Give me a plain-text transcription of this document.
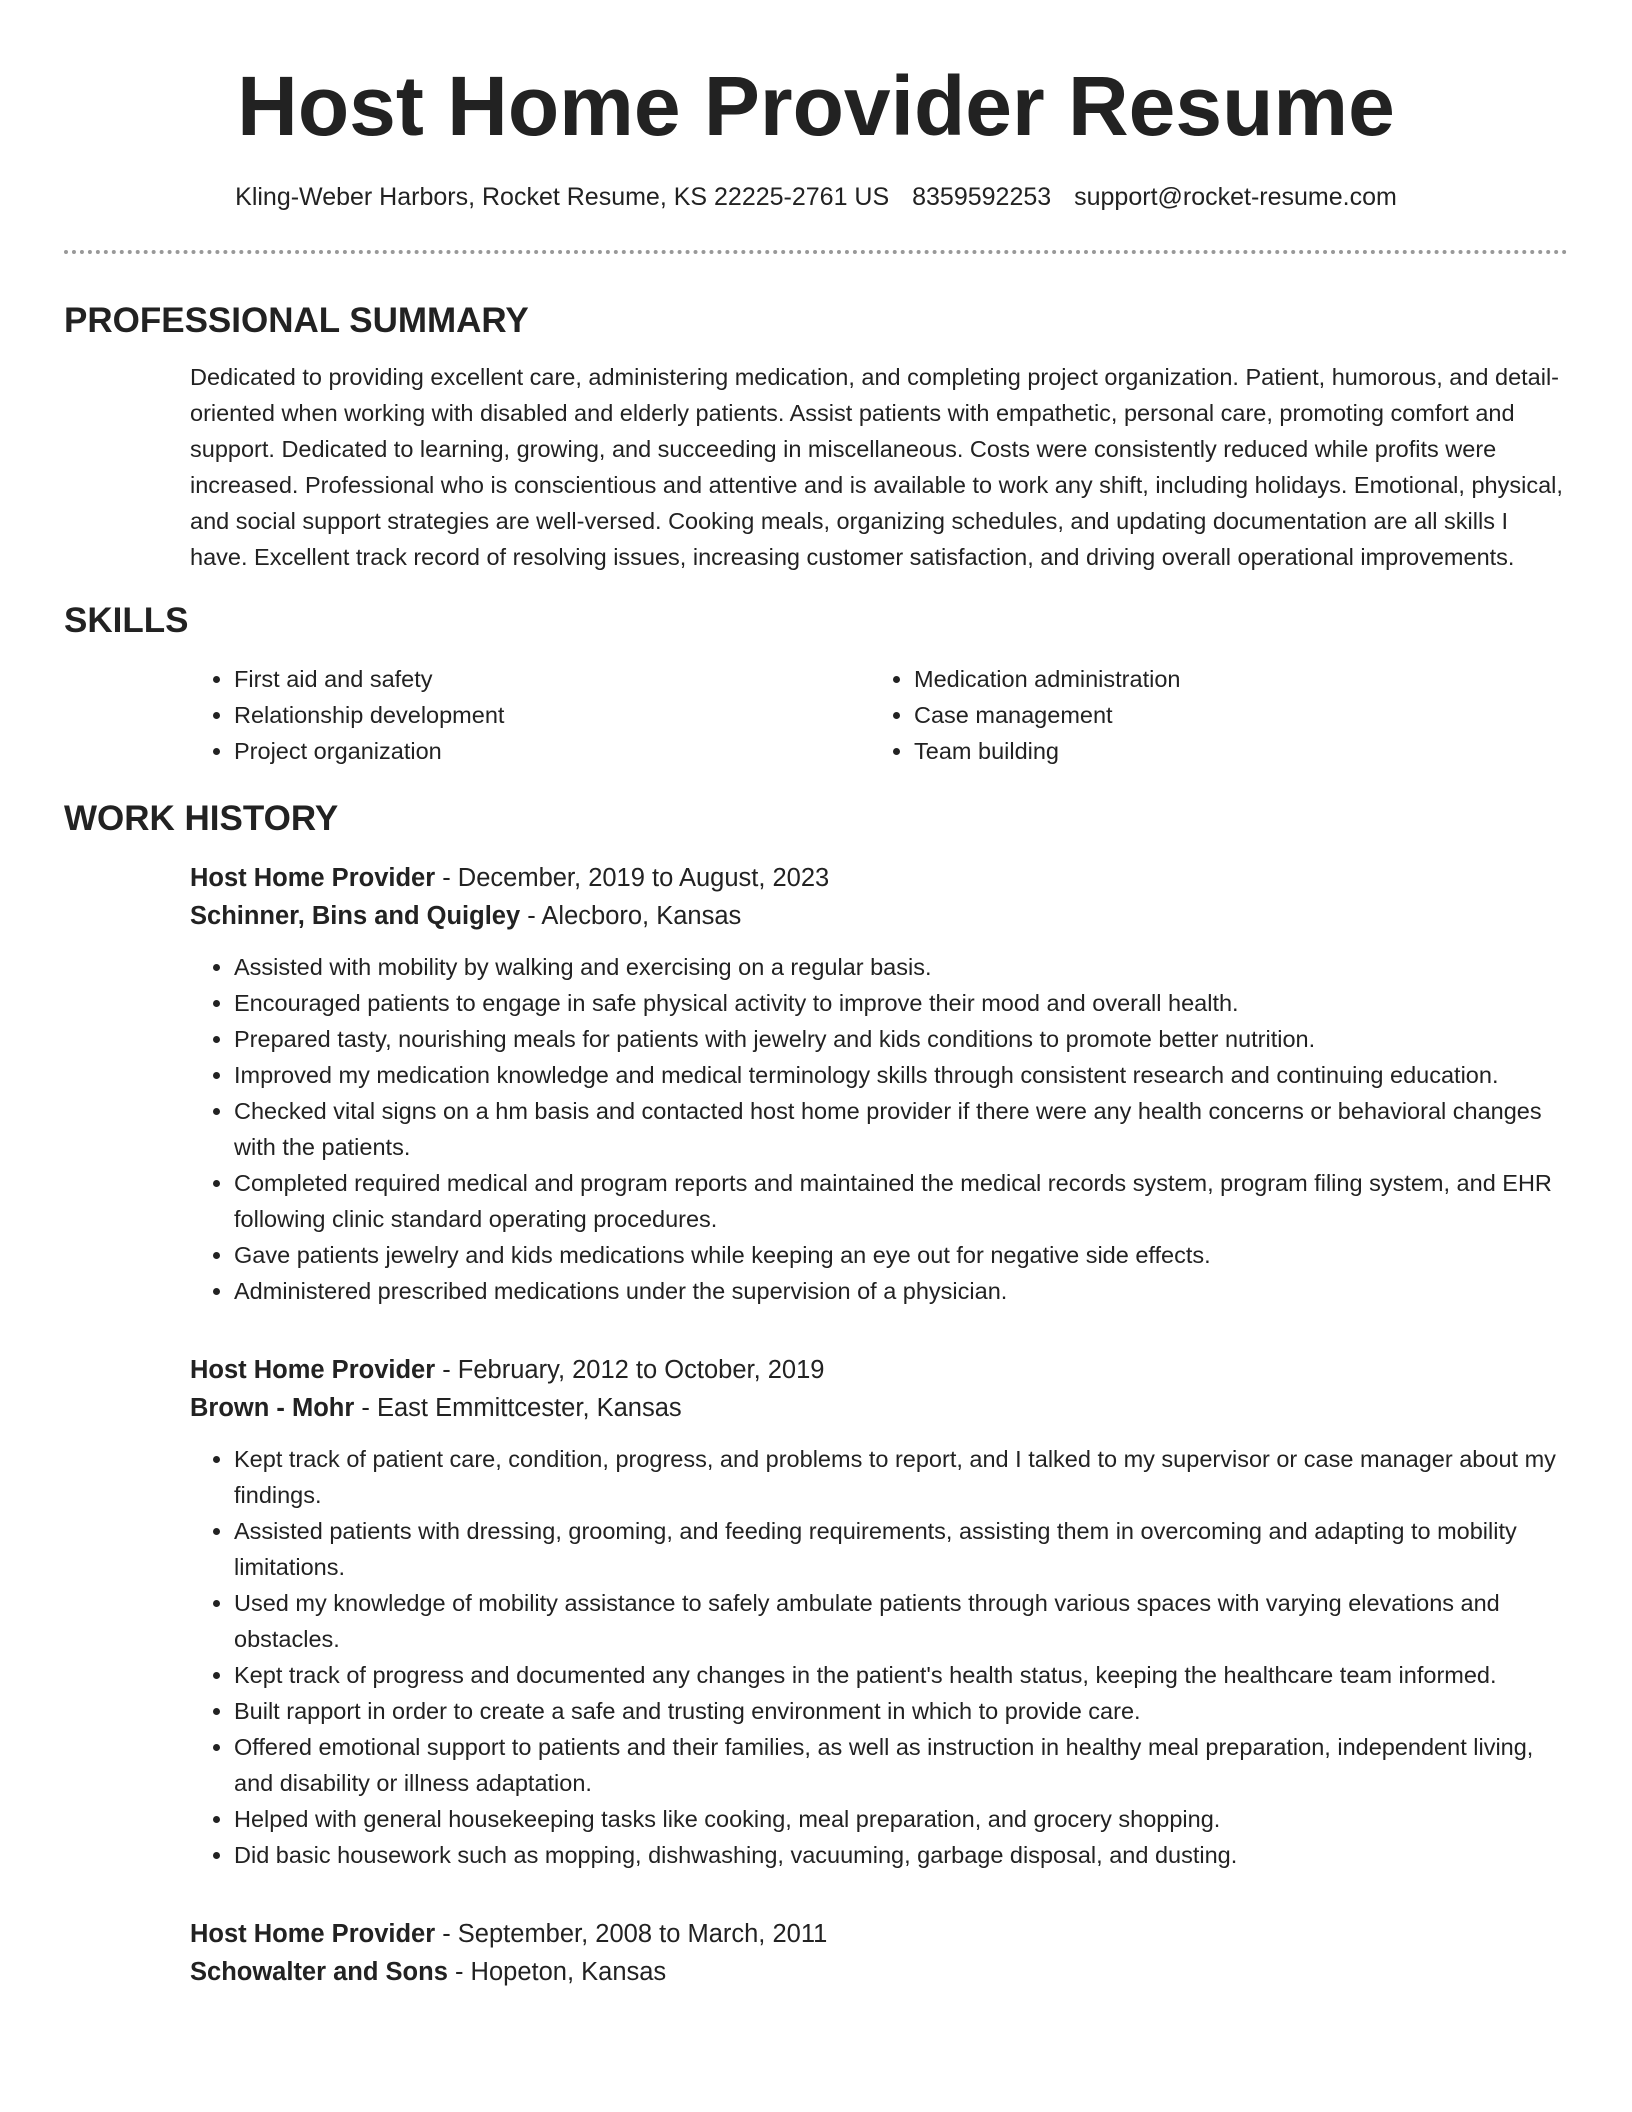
Host Home Provider Resume
Kling-Weber Harbors, Rocket Resume, KS 22225-2761 US 8359592253 support@rocket-resume.com
PROFESSIONAL SUMMARY
Dedicated to providing excellent care, administering medication, and completing project organization. Patient, humorous, and detail-oriented when working with disabled and elderly patients. Assist patients with empathetic, personal care, promoting comfort and support. Dedicated to learning, growing, and succeeding in miscellaneous. Costs were consistently reduced while profits were increased. Professional who is conscientious and attentive and is available to work any shift, including holidays. Emotional, physical, and social support strategies are well-versed. Cooking meals, organizing schedules, and updating documentation are all skills I have. Excellent track record of resolving issues, increasing customer satisfaction, and driving overall operational improvements.
SKILLS
• First aid and safety
• Relationship development
• Project organization
• Medication administration
• Case management
• Team building
WORK HISTORY
Host Home Provider - December, 2019 to August, 2023
Schinner, Bins and Quigley - Alecboro, Kansas
• Assisted with mobility by walking and exercising on a regular basis.
• Encouraged patients to engage in safe physical activity to improve their mood and overall health.
• Prepared tasty, nourishing meals for patients with jewelry and kids conditions to promote better nutrition.
• Improved my medication knowledge and medical terminology skills through consistent research and continuing education.
• Checked vital signs on a hm basis and contacted host home provider if there were any health concerns or behavioral changes with the patients.
• Completed required medical and program reports and maintained the medical records system, program filing system, and EHR following clinic standard operating procedures.
• Gave patients jewelry and kids medications while keeping an eye out for negative side effects.
• Administered prescribed medications under the supervision of a physician.
Host Home Provider - February, 2012 to October, 2019
Brown - Mohr - East Emmittcester, Kansas
• Kept track of patient care, condition, progress, and problems to report, and I talked to my supervisor or case manager about my findings.
• Assisted patients with dressing, grooming, and feeding requirements, assisting them in overcoming and adapting to mobility limitations.
• Used my knowledge of mobility assistance to safely ambulate patients through various spaces with varying elevations and obstacles.
• Kept track of progress and documented any changes in the patient's health status, keeping the healthcare team informed.
• Built rapport in order to create a safe and trusting environment in which to provide care.
• Offered emotional support to patients and their families, as well as instruction in healthy meal preparation, independent living, and disability or illness adaptation.
• Helped with general housekeeping tasks like cooking, meal preparation, and grocery shopping.
• Did basic housework such as mopping, dishwashing, vacuuming, garbage disposal, and dusting.
Host Home Provider - September, 2008 to March, 2011
Schowalter and Sons - Hopeton, Kansas
